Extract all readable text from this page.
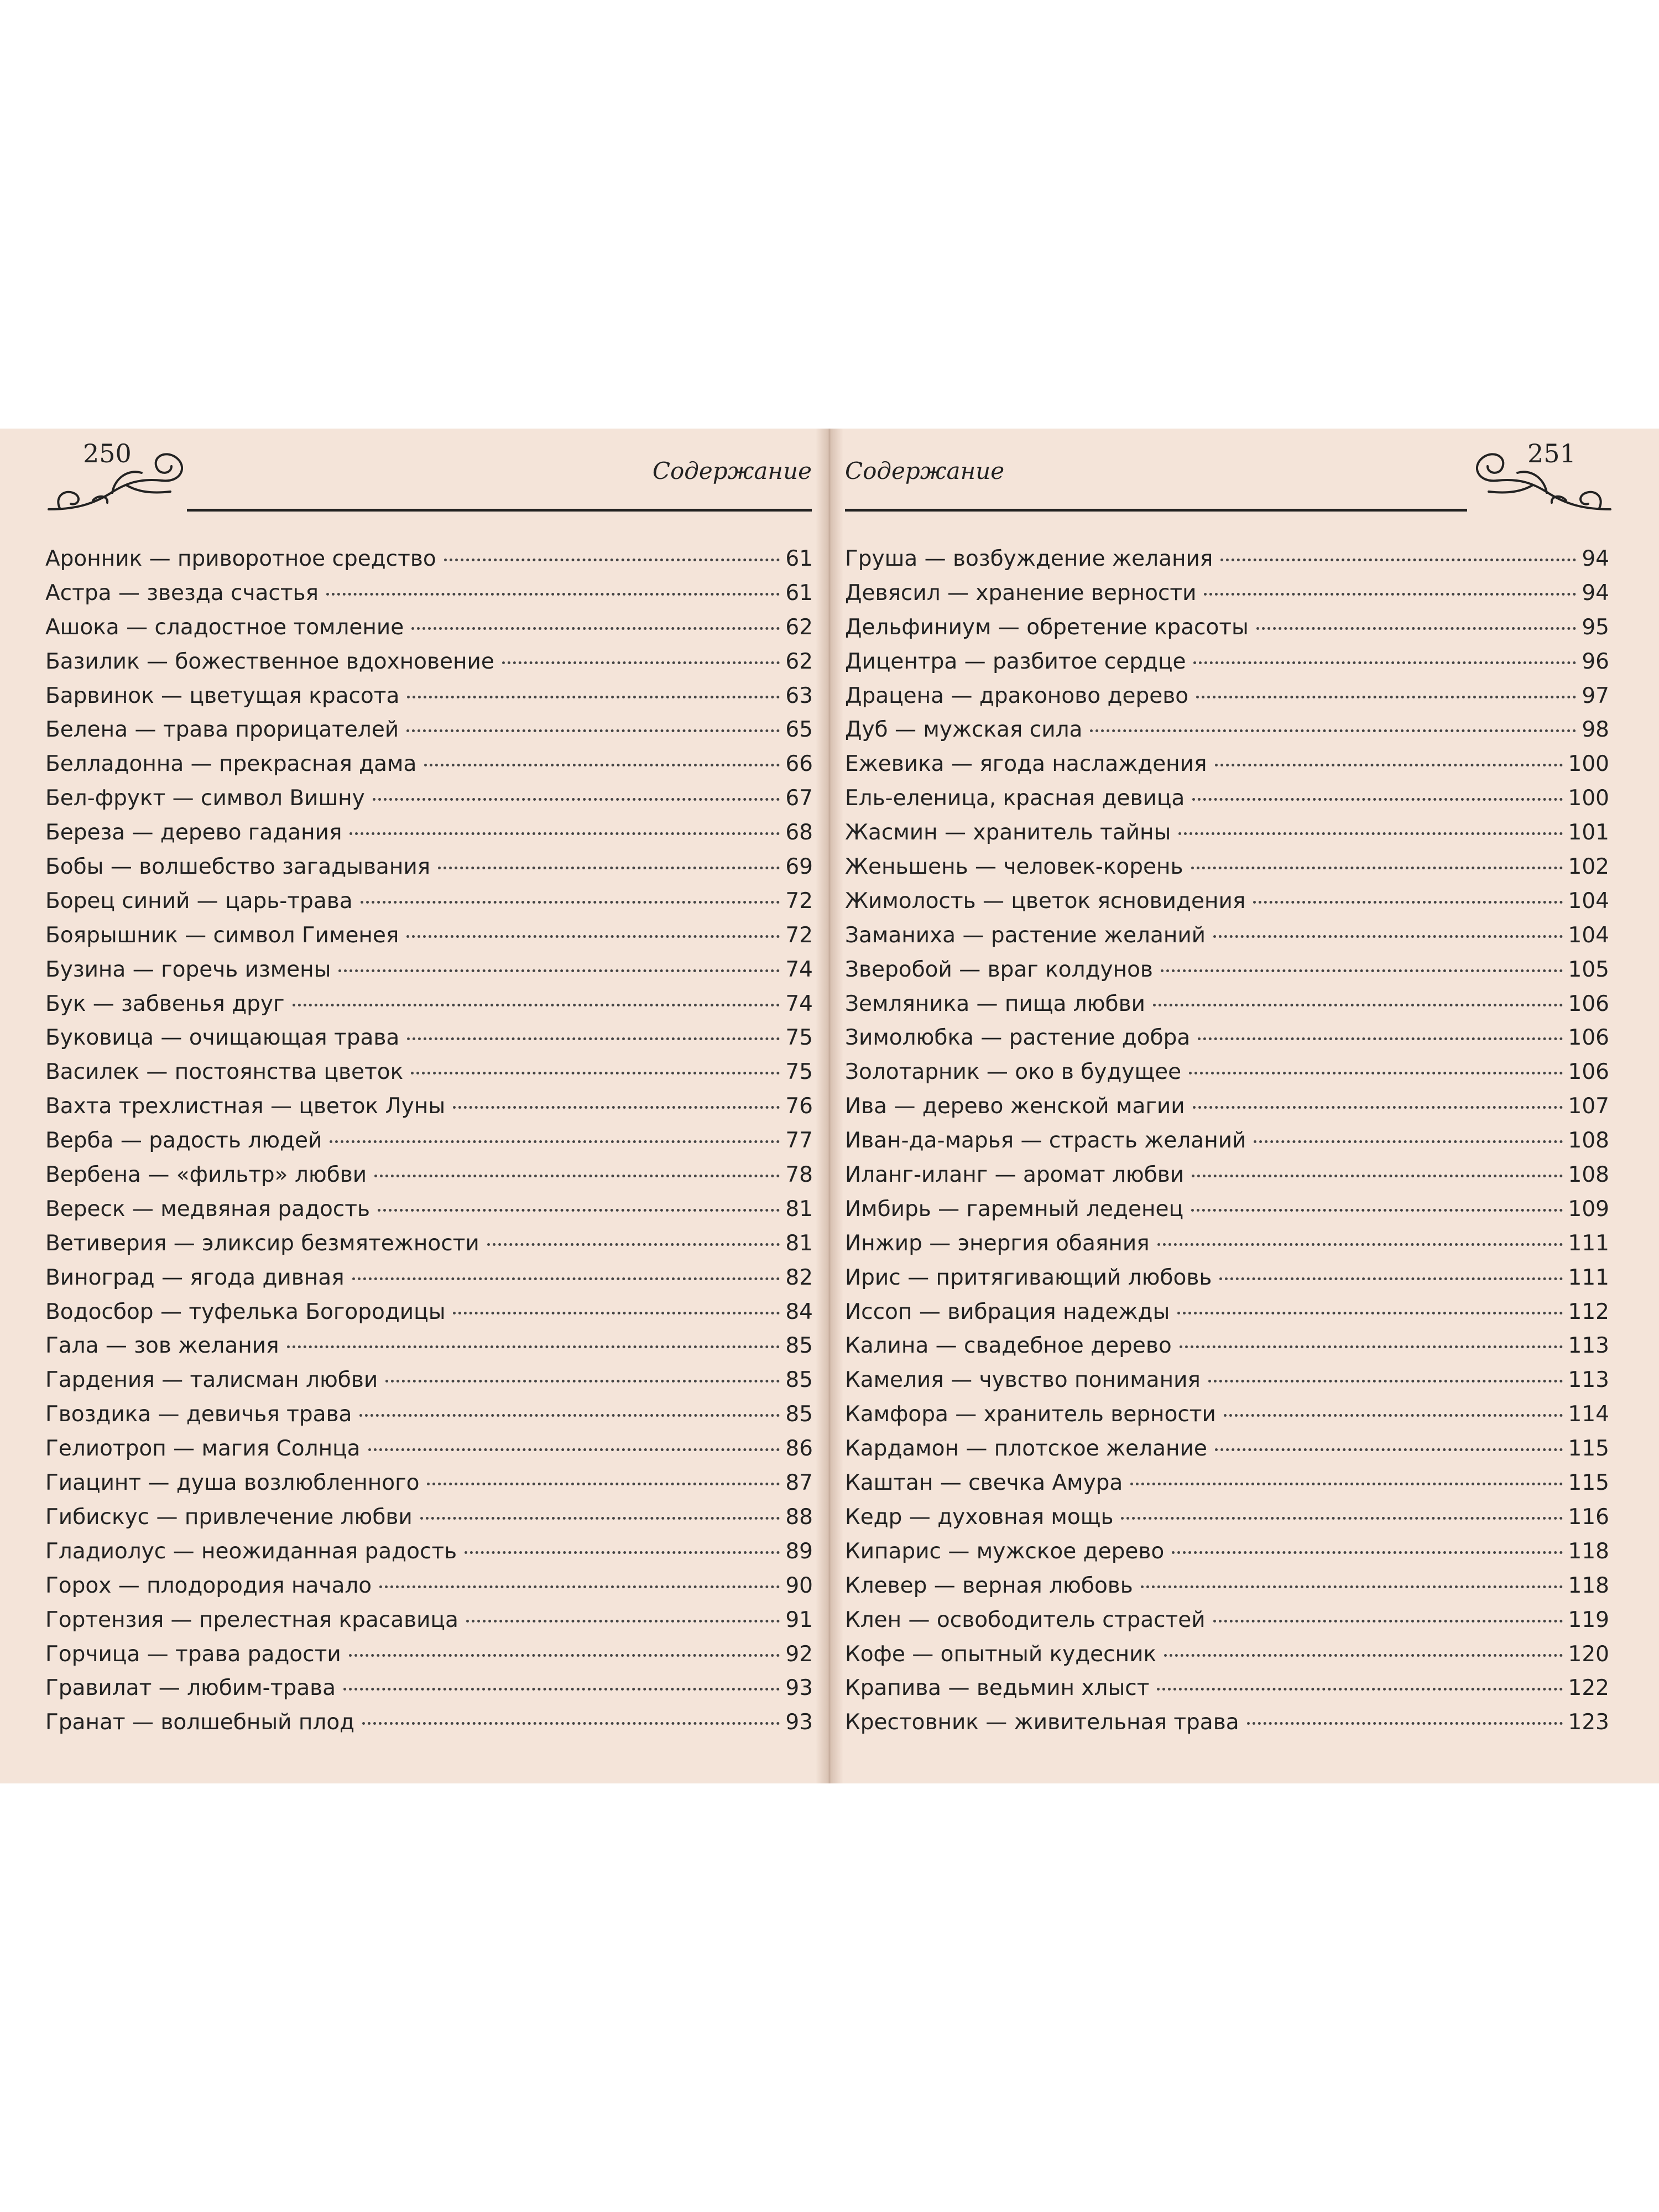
250
Содержание
Аронник — приворотное средство	61
Астра — звезда счастья	61
Ашока — сладостное томление	62
Базилик — божественное вдохновение	62
Барвинок — цветущая красота	63
Белена — трава прорицателей	65
Белладонна — прекрасная дама	66
Бел-фрукт — символ Вишну	67
Береза — дерево гадания	68
Бобы — волшебство загадывания	69
Борец синий — царь-трава	72
Боярышник — символ Гименея	72
Бузина — горечь измены	74
Бук — забвенья друг	74
Буковица — очищающая трава	75
Василек — постоянства цветок	75
Вахта трехлистная — цветок Луны	76
Верба — радость людей	77
Вербена — «фильтр» любви	78
Вереск — медвяная радость	81
Ветиверия — эликсир безмятежности	81
Виноград — ягода дивная	82
Водосбор — туфелька Богородицы	84
Гала — зов желания	85
Гардения — талисман любви	85
Гвоздика — девичья трава	85
Гелиотроп — магия Солнца	86
Гиацинт — душа возлюбленного	87
Гибискус — привлечение любви	88
Гладиолус — неожиданная радость	89
Горох — плодородия начало	90
Гортензия — прелестная красавица	91
Горчица — трава радости	92
Гравилат — любим-трава	93
Гранат — волшебный плод	93
Содержание
251
Груша — возбуждение желания	94
Девясил — хранение верности	94
Дельфиниум — обретение красоты	95
Дицентра — разбитое сердце	96
Драцена — драконово дерево	97
Дуб — мужская сила	98
Ежевика — ягода наслаждения	100
Ель-еленица, красная девица	100
Жасмин — хранитель тайны	101
Женьшень — человек-корень	102
Жимолость — цветок ясновидения	104
Заманиха — растение желаний	104
Зверобой — враг колдунов	105
Земляника — пища любви	106
Зимолюбка — растение добра	106
Золотарник — око в будущее	106
Ива — дерево женской магии	107
Иван-да-марья — страсть желаний	108
Иланг-иланг — аромат любви	108
Имбирь — гаремный леденец	109
Инжир — энергия обаяния	111
Ирис — притягивающий любовь	111
Иссоп — вибрация надежды	112
Калина — свадебное дерево	113
Камелия — чувство понимания	113
Камфора — хранитель верности	114
Кардамон — плотское желание	115
Каштан — свечка Амура	115
Кедр — духовная мощь	116
Кипарис — мужское дерево	118
Клевер — верная любовь	118
Клен — освободитель страстей	119
Кофе — опытный кудесник	120
Крапива — ведьмин хлыст	122
Крестовник — живительная трава	123
